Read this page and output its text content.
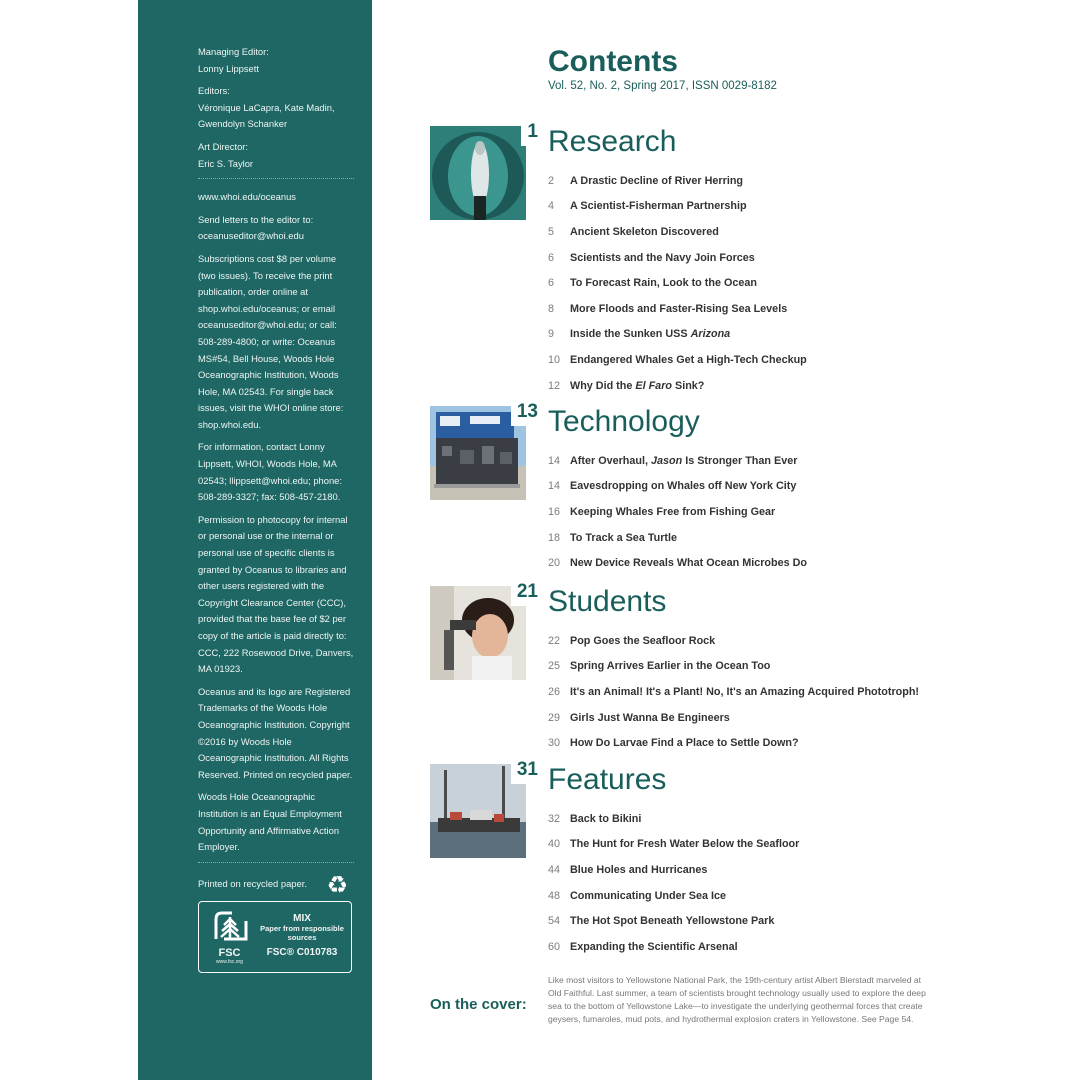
Managing Editor:
Lonny Lippsett
Editors:
Véronique LaCapra, Kate Madin, Gwendolyn Schanker
Art Director:
Eric S. Taylor

www.whoi.edu/oceanus

Send letters to the editor to: oceanuseditor@whoi.edu

Subscriptions cost $8 per volume (two issues). To receive the print publication, order online at shop.whoi.edu/oceanus; or email oceanuseditor@whoi.edu; or call: 508-289-4800; or write: Oceanus MS#54, Bell House, Woods Hole Oceanographic Institution, Woods Hole, MA 02543. For single back issues, visit the WHOI online store: shop.whoi.edu.

For information, contact Lonny Lippsett, WHOI, Woods Hole, MA 02543; llippsett@whoi.edu; phone: 508-289-3327; fax: 508-457-2180.

Permission to photocopy for internal or personal use or the internal or personal use of specific clients is granted by Oceanus to libraries and other users registered with the Copyright Clearance Center (CCC), provided that the base fee of $2 per copy of the article is paid directly to: CCC, 222 Rosewood Drive, Danvers, MA 01923.

Oceanus and its logo are Registered Trademarks of the Woods Hole Oceanographic Institution. Copyright ©2016 by Woods Hole Oceanographic Institution. All Rights Reserved. Printed on recycled paper.

Woods Hole Oceanographic Institution is an Equal Employment Opportunity and Affirmative Action Employer.

Printed on recycled paper. ♻
FSC
www.fsc.org
MIX
Paper from responsible sources
FSC® C010783
Contents
Vol. 52, No. 2, Spring 2017, ISSN 0029-8182
1 Research
2	A Drastic Decline of River Herring
4	A Scientist-Fisherman Partnership
5	Ancient Skeleton Discovered
6	Scientists and the Navy Join Forces
6	To Forecast Rain, Look to the Ocean
8	More Floods and Faster-Rising Sea Levels
9	Inside the Sunken USS Arizona
10 Endangered Whales Get a High-Tech Checkup
12 Why Did the El Faro Sink?
13 Technology
14 After Overhaul, Jason Is Stronger Than Ever
14 Eavesdropping on Whales off New York City
16 Keeping Whales Free from Fishing Gear
18 To Track a Sea Turtle
20 New Device Reveals What Ocean Microbes Do
21 Students
22 Pop Goes the Seafloor Rock
25 Spring Arrives Earlier in the Ocean Too
26 It's an Animal! It's a Plant! No, It's an Amazing Acquired Phototroph!
29 Girls Just Wanna Be Engineers
30 How Do Larvae Find a Place to Settle Down?
31 Features
32 Back to Bikini
40 The Hunt for Fresh Water Below the Seafloor
44 Blue Holes and Hurricanes
48 Communicating Under Sea Ice
54 The Hot Spot Beneath Yellowstone Park
60 Expanding the Scientific Arsenal
On the cover:
Like most visitors to Yellowstone National Park, the 19th-century artist Albert Bierstadt marveled at Old Faithful. Last summer, a team of scientists brought technology usually used to explore the deep sea to the bottom of Yellowstone Lake—to investigate the underlying geothermal forces that create geysers, fumaroles, mud pots, and hydrothermal explosion craters in Yellowstone. See Page 54.
